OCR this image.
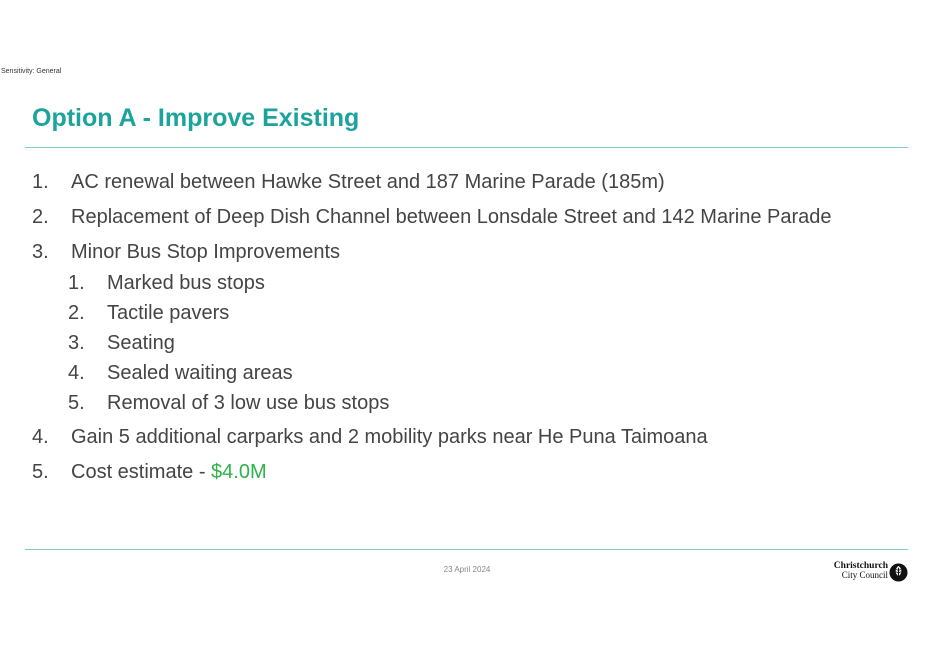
Sensitivity: General
Option A - Improve Existing
1.	AC renewal between Hawke Street and 187 Marine Parade (185m)
2.	Replacement of Deep Dish Channel between Lonsdale Street and 142 Marine Parade
3.	Minor Bus Stop Improvements
1. Marked bus stops
2. Tactile pavers
3. Seating
4. Sealed waiting areas
5. Removal of 3 low use bus stops
4.	Gain 5 additional carparks and 2 mobility parks near He Puna Taimoana
5.	Cost estimate - $4.0M
23 April 2024	Christchurch
City Council
